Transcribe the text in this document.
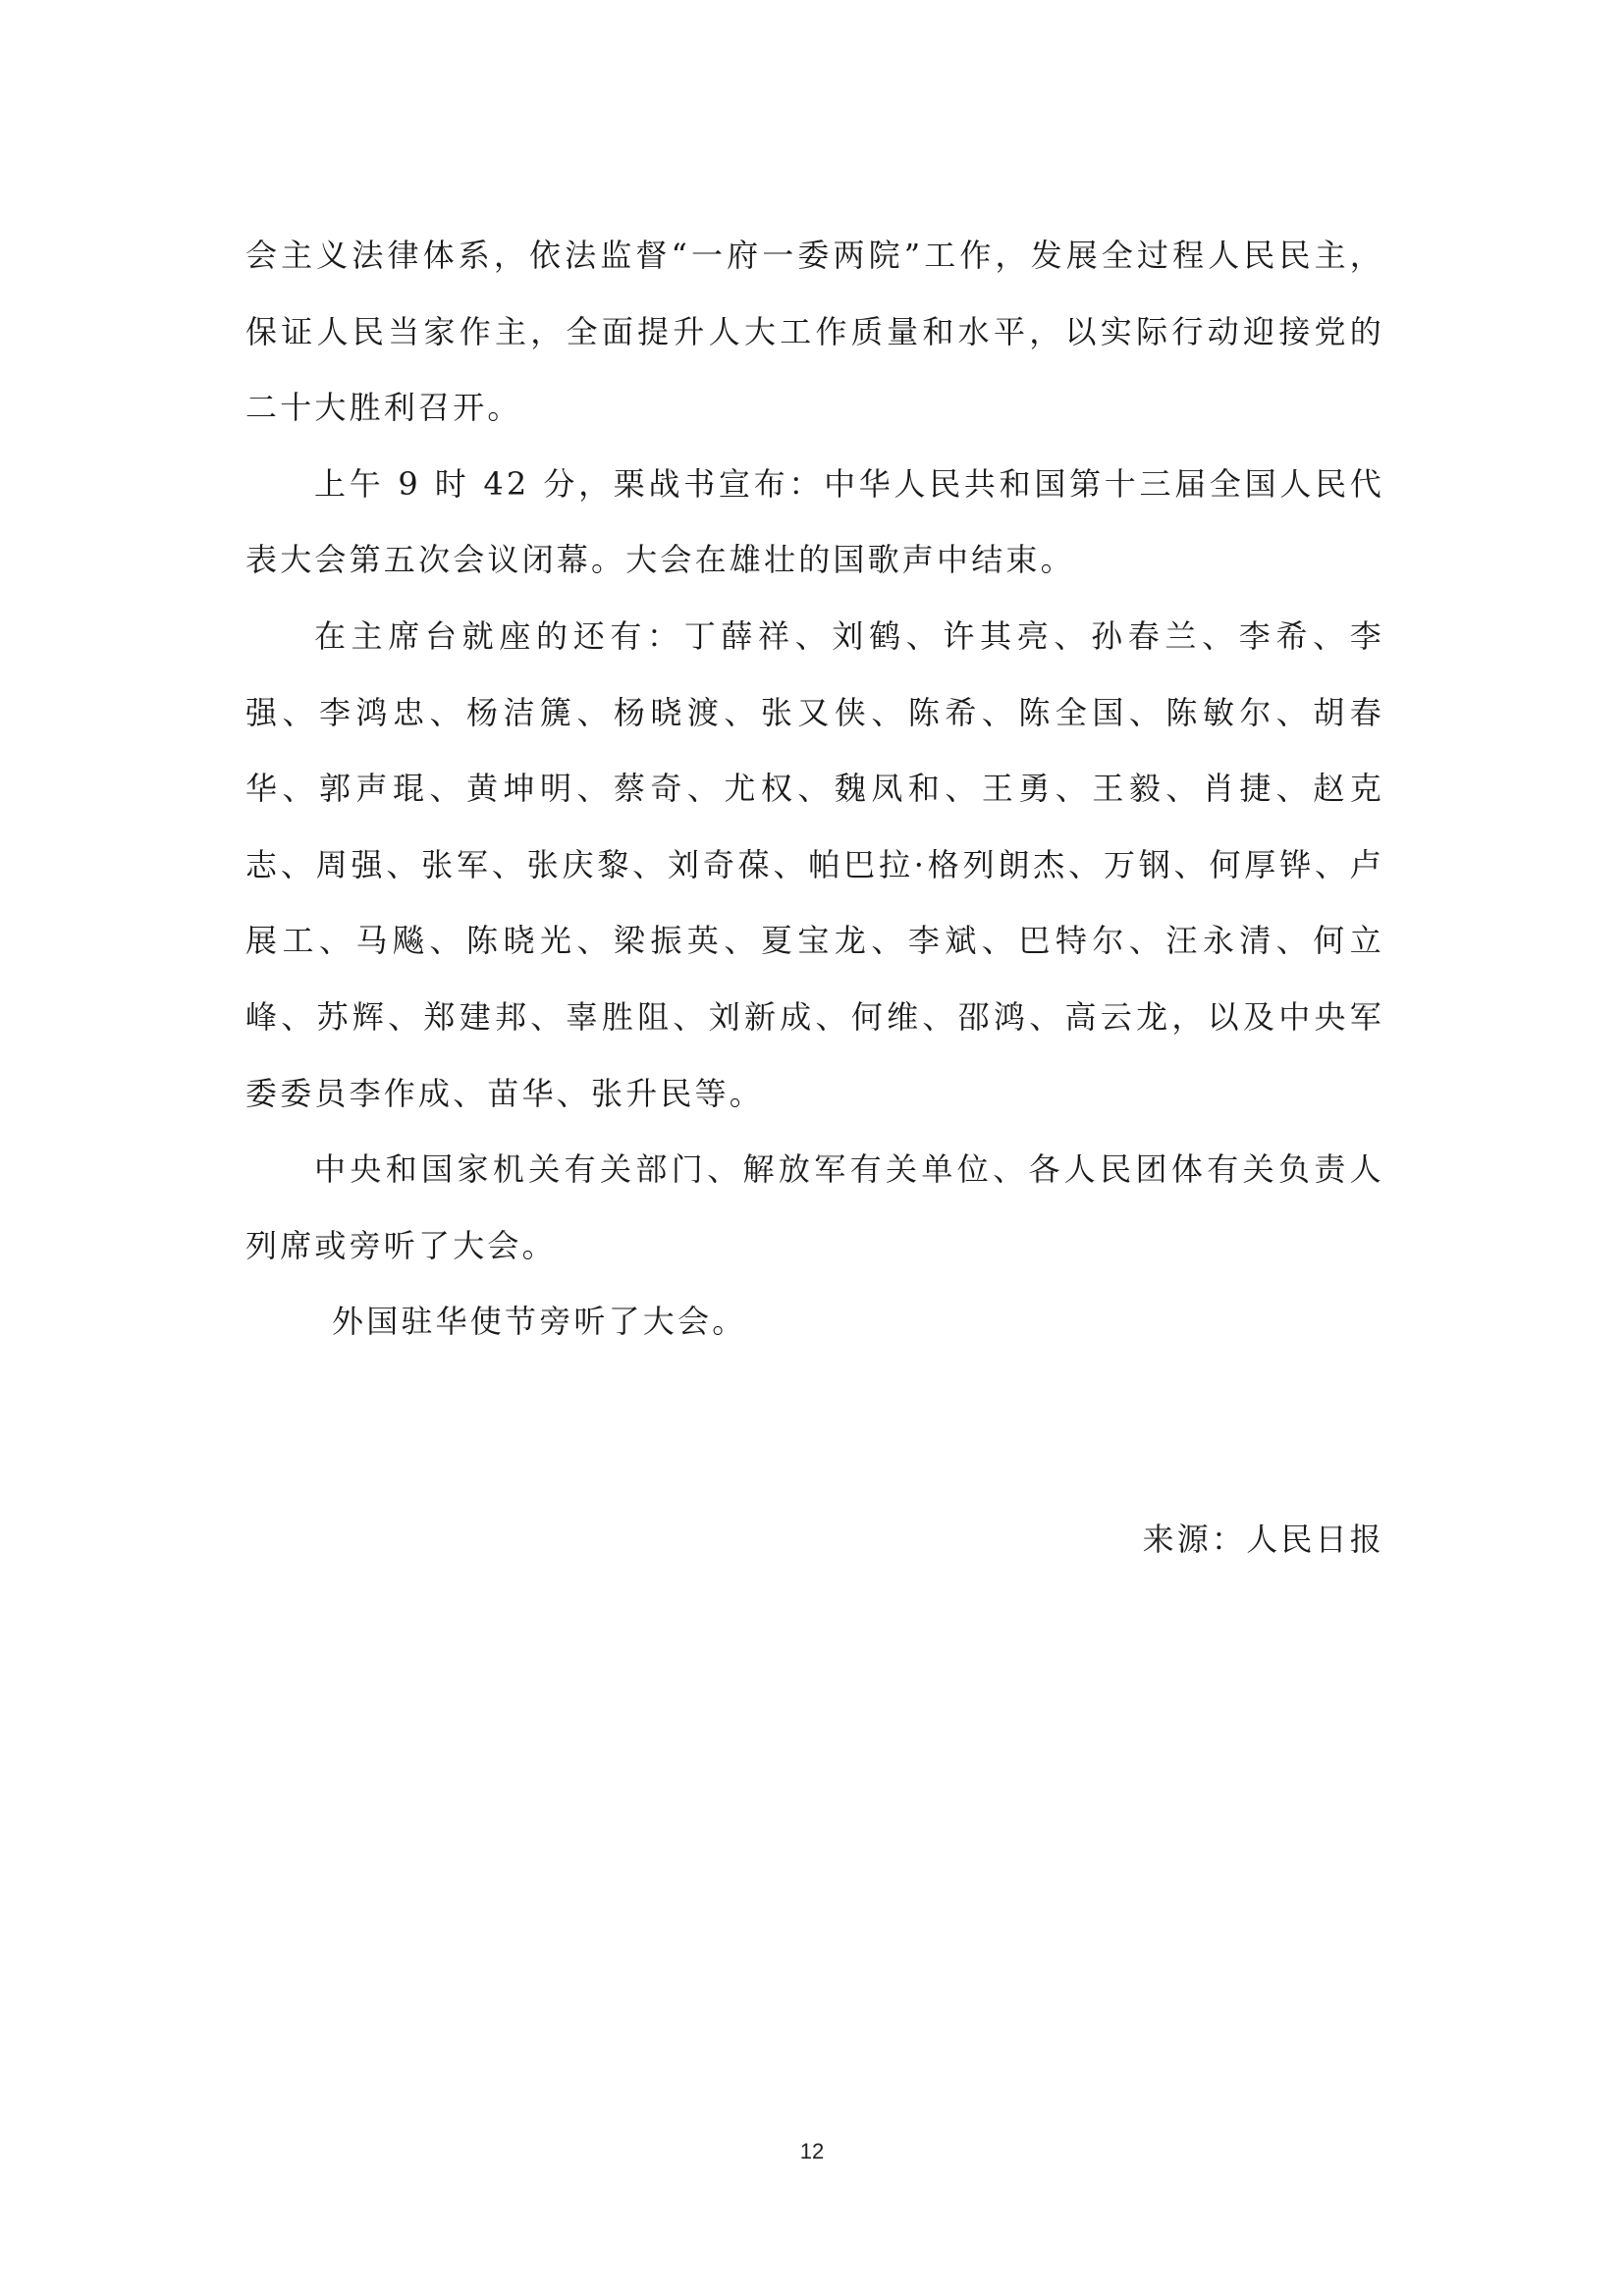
会主义法律体系，依法监督“一府一委两院”工作，发展全过程人民民主，保证人民当家作主，全面提升人大工作质量和水平，以实际行动迎接党的二十大胜利召开。

上午 9 时 42 分，栗战书宣布：中华人民共和国第十三届全国人民代表大会第五次会议闭幕。大会在雄壮的国歌声中结束。

在主席台就座的还有：丁薛祥、刘鹤、许其亮、孙春兰、李希、李强、李鸿忠、杨洁篪、杨晓渡、张又侠、陈希、陈全国、陈敏尔、胡春华、郭声琨、黄坤明、蔡奇、尤权、魏凤和、王勇、王毅、肖捷、赵克志、周强、张军、张庆黎、刘奇葆、帕巴拉·格列朗杰、万钢、何厚铧、卢展工、马飚、陈晓光、梁振英、夏宝龙、李斌、巴特尔、汪永清、何立峰、苏辉、郑建邦、辜胜阻、刘新成、何维、邵鸿、高云龙，以及中央军委委员李作成、苗华、张升民等。

中央和国家机关有关部门、解放军有关单位、各人民团体有关负责人列席或旁听了大会。

外国驻华使节旁听了大会。

来源：人民日报
12
